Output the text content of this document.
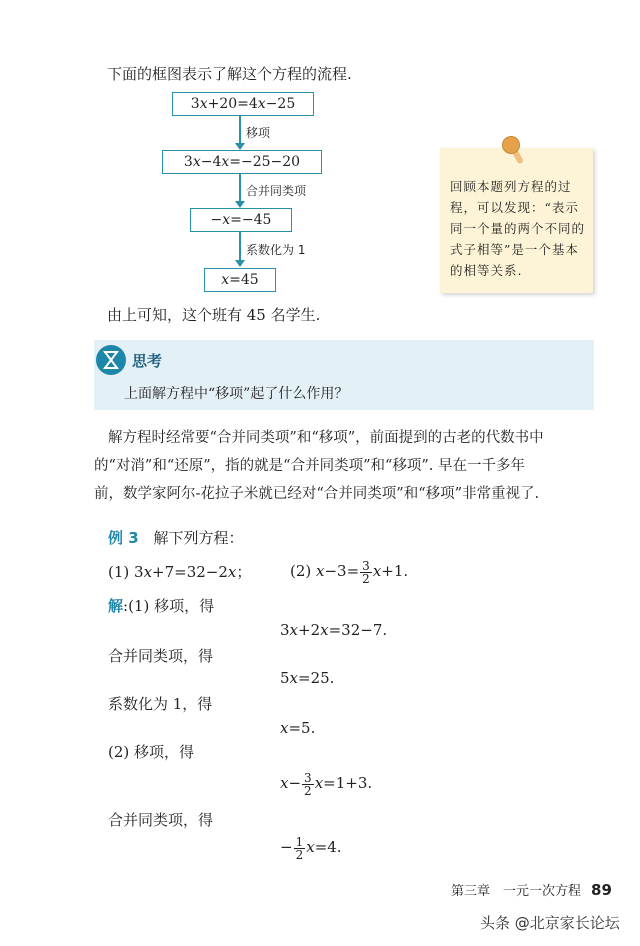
下面的框图表示了解这个方程的流程.
3x+20=4x−25
移项
3x−4x=−25−20
合并同类项
−x=−45
系数化为 1
x=45
回顾本题列方程的过程，可以发现：“表示同一个量的两个不同的式子相等”是一个基本的相等关系.
由上可知，这个班有 45 名学生.
思考
上面解方程中“移项”起了什么作用？
解方程时经常要“合并同类项”和“移项”，前面提到的古老的代数书中
的“对消”和“还原”，指的就是“合并同类项”和“移项”. 早在一千多年
前，数学家阿尔-花拉子米就已经对“合并同类项”和“移项”非常重视了.
例 3 解下列方程：
(1) 3x+7=32−2x；	(2) $x-3= \frac{3}{2} x+1$.
解:(1) 移项，得
3x+2x=32−7.
合并同类项，得
5x=25.
系数化为 1，得
x=5.
(2) 移项，得
$x- \frac{3}{2} x=1+3$.
合并同类项，得
− $\frac{1}{2} x=4$.
第三章　一元一次方程 89
头条 @北京家长论坛
